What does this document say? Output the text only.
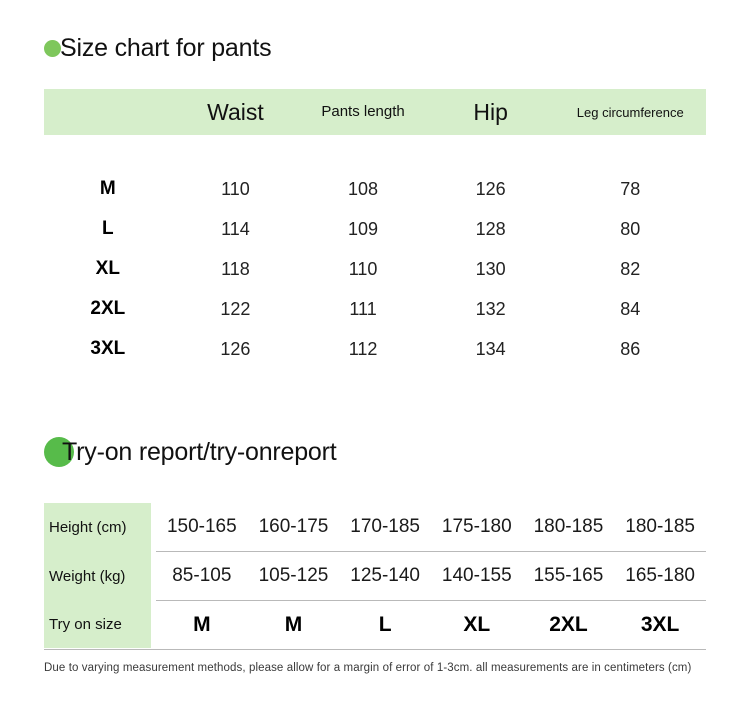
Size chart for pants
	Waist	Pants length	Hip	Leg circumference
M	110	108	126	78
L	114	109	128	80
XL	118	110	130	82
2XL	122	111	132	84
3XL	126	112	134	86
Try-on report/try-onreport
Height (cm)	150-165	160-175	170-185	175-180	180-185	180-185
Weight (kg)	85-105	105-125	125-140	140-155	155-165	165-180
Try on size	M	M	L	XL	2XL	3XL
Due to varying measurement methods, please allow for a margin of error of 1-3cm. all measurements are in centimeters (cm)
